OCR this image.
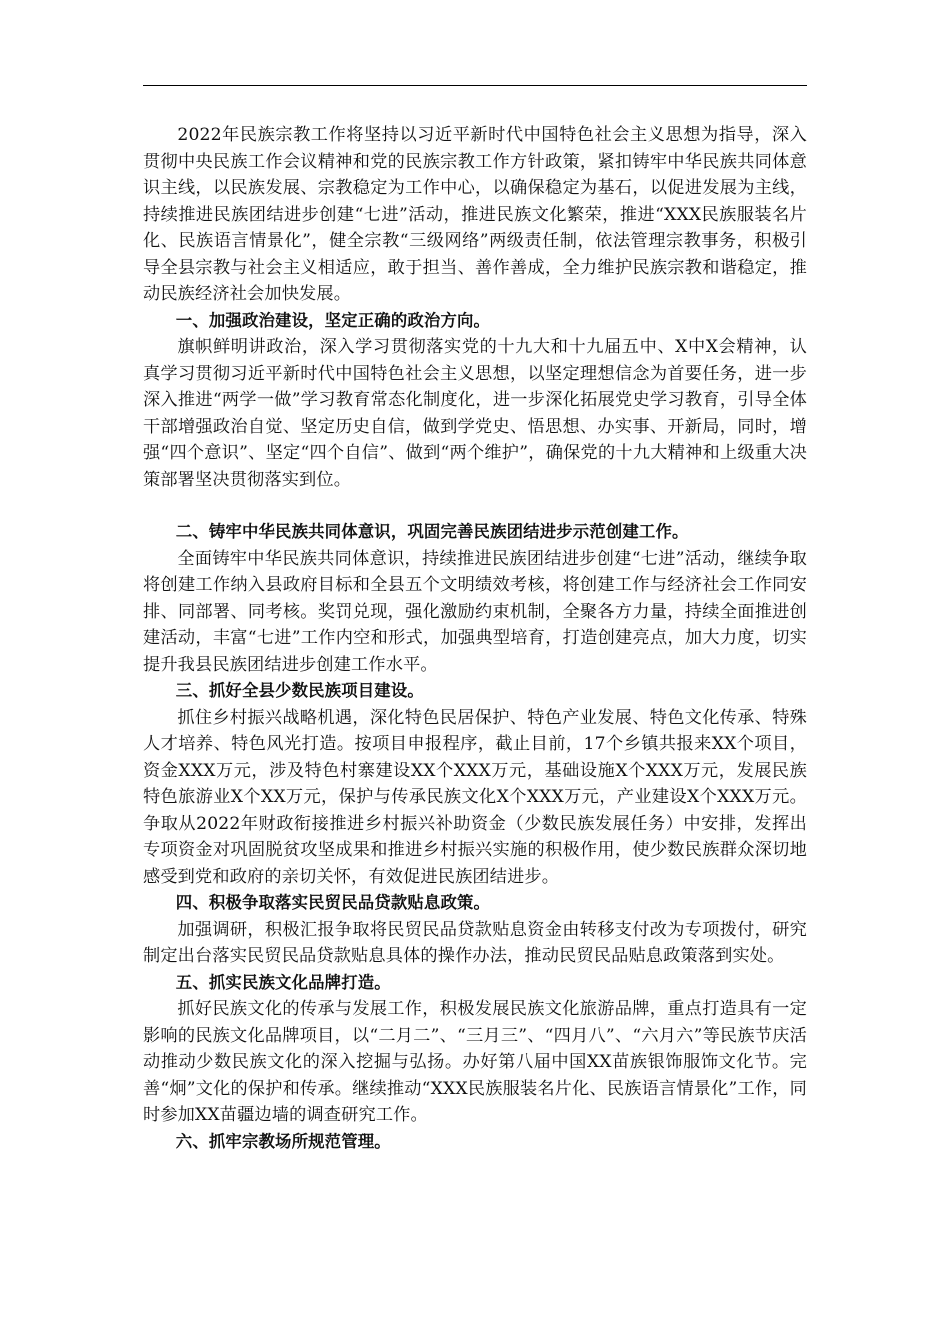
2022年民族宗教工作将坚持以习近平新时代中国特色社会主义思想为指导，深入贯彻中央民族工作会议精神和党的民族宗教工作方针政策，紧扣铸牢中华民族共同体意识主线，以民族发展、宗教稳定为工作中心，以确保稳定为基石，以促进发展为主线，持续推进民族团结进步创建“七进”活动，推进民族文化繁荣，推进“XXX民族服装名片化、民族语言情景化”，健全宗教“三级网络”两级责任制，依法管理宗教事务，积极引导全县宗教与社会主义相适应，敢于担当、善作善成，全力维护民族宗教和谐稳定，推动民族经济社会加快发展。

一、加强政治建设，坚定正确的政治方向。

旗帜鲜明讲政治，深入学习贯彻落实党的十九大和十九届五中、X中X会精神，认真学习贯彻习近平新时代中国特色社会主义思想，以坚定理想信念为首要任务，进一步深入推进“两学一做”学习教育常态化制度化，进一步深化拓展党史学习教育，引导全体干部增强政治自觉、坚定历史自信，做到学党史、悟思想、办实事、开新局，同时，增强“四个意识”、坚定“四个自信”、做到“两个维护”，确保党的十九大精神和上级重大决策部署坚决贯彻落实到位。

二、铸牢中华民族共同体意识，巩固完善民族团结进步示范创建工作。

全面铸牢中华民族共同体意识，持续推进民族团结进步创建“七进”活动，继续争取将创建工作纳入县政府目标和全县五个文明绩效考核，将创建工作与经济社会工作同安排、同部署、同考核。奖罚兑现，强化激励约束机制，全聚各方力量，持续全面推进创建活动，丰富“七进”工作内空和形式，加强典型培育，打造创建亮点，加大力度，切实提升我县民族团结进步创建工作水平。

三、抓好全县少数民族项目建设。

抓住乡村振兴战略机遇，深化特色民居保护、特色产业发展、特色文化传承、特殊人才培养、特色风光打造。按项目申报程序，截止目前，17个乡镇共报来XX个项目，资金XXX万元，涉及特色村寨建设XX个XXX万元，基础设施X个XXX万元，发展民族特色旅游业X个XX万元，保护与传承民族文化X个XXX万元，产业建设X个XXX万元。争取从2022年财政衔接推进乡村振兴补助资金（少数民族发展任务）中安排，发挥出专项资金对巩固脱贫攻坚成果和推进乡村振兴实施的积极作用，使少数民族群众深切地感受到党和政府的亲切关怀，有效促进民族团结进步。

四、积极争取落实民贸民品贷款贴息政策。

加强调研，积极汇报争取将民贸民品贷款贴息资金由转移支付改为专项拨付，研究制定出台落实民贸民品贷款贴息具体的操作办法，推动民贸民品贴息政策落到实处。

五、抓实民族文化品牌打造。

抓好民族文化的传承与发展工作，积极发展民族文化旅游品牌，重点打造具有一定影响的民族文化品牌项目，以“二月二”、“三月三”、“四月八”、“六月六”等民族节庆活动推动少数民族文化的深入挖掘与弘扬。办好第八届中国XX苗族银饰服饰文化节。完善“炯”文化的保护和传承。继续推动“XXX民族服装名片化、民族语言情景化”工作，同时参加XX苗疆边墙的调查研究工作。

六、抓牢宗教场所规范管理。
